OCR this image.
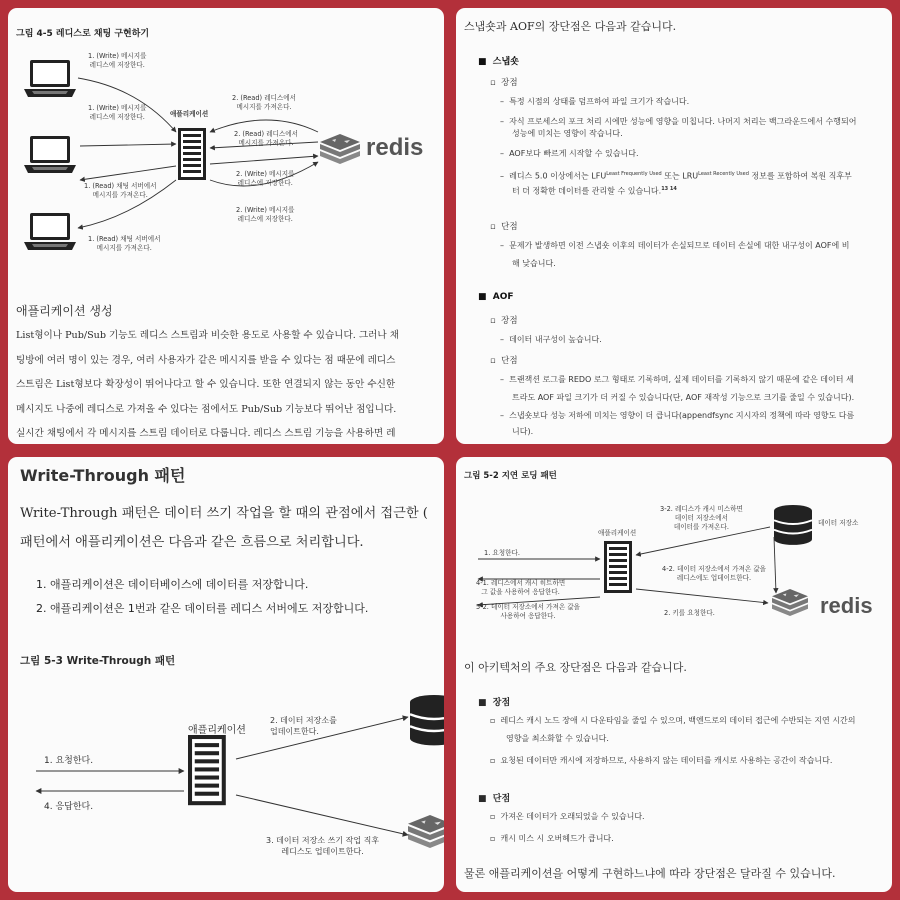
그림 4-5 레디스로 채팅 구현하기
1. (Write) 메시지를
레디스에 저장한다.
1. (Write) 메시지를
레디스에 저장한다.
1. (Read) 채팅 서버에서
메시지를 가져온다.
1. (Read) 채팅 서버에서
메시지를 가져온다.
애플리케이션
2. (Read) 레디스에서
메시지를 가져온다.
2. (Read) 레디스에서
메시지를 가져온다.
2. (Write) 메시지를
레디스에 저장한다.
2. (Write) 메시지를
레디스에 저장한다.
redis
애플리케이션 생성
List형이나 Pub/Sub 기능도 레디스 스트림과 비슷한 용도로 사용할 수 있습니다. 그러나 채
팅방에 여러 명이 있는 경우, 여러 사용자가 같은 메시지를 받을 수 있다는 점 때문에 레디스
스트림은 List형보다 확장성이 뛰어나다고 할 수 있습니다. 또한 연결되지 않는 동안 수신한
메시지도 나중에 레디스로 가져올 수 있다는 점에서도 Pub/Sub 기능보다 뛰어난 점입니다.
실시간 채팅에서 각 메시지를 스트림 데이터로 다룹니다. 레디스 스트림 기능을 사용하면 레
스냅숏과 AOF의 장단점은 다음과 같습니다.
■  스냅숏
▫  장점
–  특정 시점의 상태를 덤프하여 파일 크기가 작습니다.
–  자식 프로세스의 포크 처리 시에만 성능에 영향을 미칩니다. 나머지 처리는 백그라운드에서 수행되어
성능에 미치는 영향이 작습니다.
–  AOF보다 빠르게 시작할 수 있습니다.
–  레디스 5.0 이상에서는 $LFU^{Least Frequently Used}$ 또는 $LRU^{Least Recently Used}$ 정보를 포함하여 복원 직후부
터 더 정확한 데이터를 관리할 수 있습니다.$^{13 14}$
▫  단점
–  문제가 발생하면 이전 스냅숏 이후의 데이터가 손실되므로 데이터 손실에 대한 내구성이 AOF에 비
해 낮습니다.
■  AOF
▫  장점
–  데이터 내구성이 높습니다.
▫  단점
–  트랜잭션 로그를 REDO 로그 형태로 기록하며, 실제 데이터를 기록하지 않기 때문에 같은 데이터 세
트라도 AOF 파일 크기가 더 커질 수 있습니다(단, AOF 재작성 기능으로 크기를 줄일 수 있습니다).
–  스냅숏보다 성능 저하에 미치는 영향이 더 큽니다(appendfsync 지시자의 정책에 따라 영향도 다름
니다).
Write-Through 패턴
Write-Through 패턴은 데이터 쓰기 작업을 할 때의 관점에서 접근한 (
패턴에서 애플리케이션은 다음과 같은 흐름으로 처리합니다.
1. 애플리케이션은 데이터베이스에 데이터를 저장합니다.
2. 애플리케이션은 1번과 같은 데이터를 레디스 서버에도 저장합니다.
그림 5-3 Write-Through 패턴
애플리케이션
1. 요청한다.
4. 응답한다.
2. 데이터 저장소를
업데이트한다.
3. 데이터 저장소 쓰기 작업 직후
레디스도 업데이트한다.
그림 5-2 지연 로딩 패턴
애플리케이션
데이터 저장소
redis
1. 요청한다.
4-1. 레디스에서 캐시 히트하면
그 값을 사용하여 응답한다.
5-2. 데이터 저장소에서 가져온 값을
사용하여 응답한다.
3-2. 레디스가 캐시 미스하면
데이터 저장소에서
데이터를 가져온다.
4-2. 데이터 저장소에서 가져온 값을
레디스에도 업데이트한다.
2. 키를 요청한다.
이 아키텍처의 주요 장단점은 다음과 같습니다.
■  장점
▫  레디스 캐시 노드 장애 시 다운타임을 줄일 수 있으며, 백엔드로의 데이터 접근에 수반되는 지연 시간의
영향을 최소화할 수 있습니다.
▫  요청된 데이터만 캐시에 저장하므로, 사용하지 않는 데이터를 캐시로 사용하는 공간이 작습니다.
■  단점
▫  가져온 데이터가 오래되었을 수 있습니다.
▫  캐시 미스 시 오버헤드가 큽니다.
물론 애플리케이션을 어떻게 구현하느냐에 따라 장단점은 달라질 수 있습니다.
